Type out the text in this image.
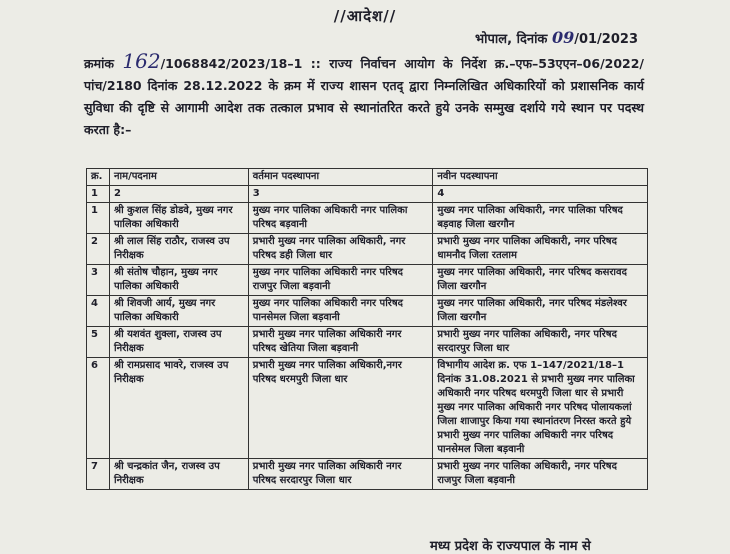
//आदेश//
भोपाल, दिनांक 09/01/2023
क्रमांक 162/1068842/2023/18–1 :: राज्य निर्वाचन आयोग के निर्देश क्र.–एफ–53एएन–06/2022/पांच/2180 दिनांक 28.12.2022 के क्रम में राज्य शासन एतद् द्वारा निम्नलिखित अधिकारियों को प्रशासनिक कार्य सुविधा की दृष्टि से आगामी आदेश तक तत्काल प्रभाव से स्थानांतरित करते हुये उनके सम्मुख दर्शाये गये स्थान पर पदस्थ करता है:–
क्र.	नाम/पदनाम	वर्तमान पदस्थापना	नवीन पदस्थापना
1	2	3	4
1	श्री कुशल सिंह डोडवे, मुख्य नगर पालिका अधिकारी	मुख्य नगर पालिका अधिकारी नगर पालिका परिषद बड़वानी	मुख्य नगर पालिका अधिकारी, नगर पालिका परिषद बड़वाह जिला खरगौन
2	श्री लाल सिंह राठौर, राजस्व उप निरीक्षक	प्रभारी मुख्य नगर पालिका अधिकारी, नगर परिषद डही जिला धार	प्रभारी मुख्य नगर पालिका अधिकारी, नगर परिषद धामनौद जिला रतलाम
3	श्री संतोष चौहान, मुख्य नगर पालिका अधिकारी	मुख्य नगर पालिका अधिकारी नगर परिषद राजपुर जिला बड़वानी	मुख्य नगर पालिका अधिकारी, नगर परिषद कसरावद जिला खरगौन
4	श्री शिवजी आर्य, मुख्य नगर पालिका अधिकारी	मुख्य नगर पालिका अधिकारी नगर परिषद पानसेमल जिला बड़वानी	मुख्य नगर पालिका अधिकारी, नगर परिषद मंडलेश्वर जिला खरगौन
5	श्री यशवंत शुक्ला, राजस्व उप निरीक्षक	प्रभारी मुख्य नगर पालिका अधिकारी नगर परिषद खेतिया जिला बड़वानी	प्रभारी मुख्य नगर पालिका अधिकारी, नगर परिषद सरदारपुर जिला धार
6	श्री रामप्रसाद भावरे, राजस्व उप निरीक्षक	प्रभारी मुख्य नगर पालिका अधिकारी,नगर परिषद धरमपुरी जिला धार	विभागीय आदेश क्र. एफ 1–147/2021/18–1 दिनांक 31.08.2021 से प्रभारी मुख्य नगर पालिका अधिकारी नगर परिषद धरमपुरी जिला धार से प्रभारी मुख्य नगर पालिका अधिकारी नगर परिषद पोलायकलां जिला शाजापुर किया गया स्थानांतरण निरस्त करते हुये प्रभारी मुख्य नगर पालिका अधिकारी नगर परिषद पानसेमल जिला बड़वानी
7	श्री चन्द्रकांत जैन, राजस्व उप निरीक्षक	प्रभारी मुख्य नगर पालिका अधिकारी नगर परिषद सरदारपुर जिला धार	प्रभारी मुख्य नगर पालिका अधिकारी, नगर परिषद राजपुर जिला बड़वानी
मध्य प्रदेश के राज्यपाल के नाम से
